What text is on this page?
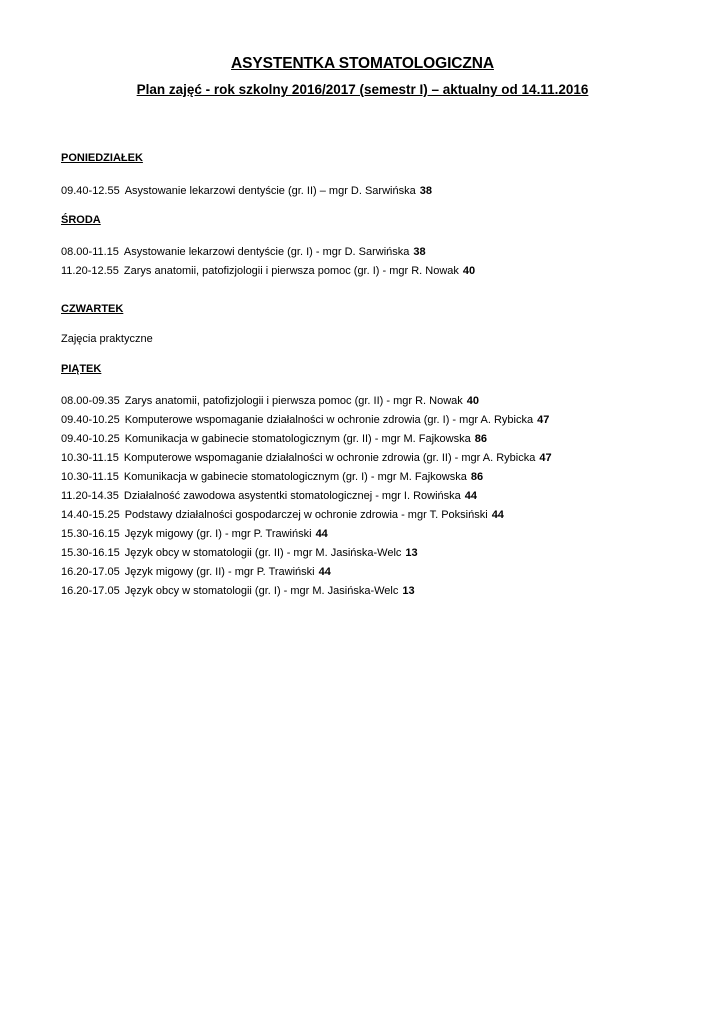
ASYSTENTKA STOMATOLOGICZNA
Plan zajęć - rok szkolny 2016/2017 (semestr I) – aktualny od 14.11.2016
PONIEDZIAŁEK
09.40-12.55 Asystowanie lekarzowi dentyście (gr. II) – mgr D. Sarwińska 38
ŚRODA
08.00-11.15 Asystowanie lekarzowi dentyście (gr. I) - mgr D. Sarwińska 38
11.20-12.55 Zarys anatomii, patofizjologii i pierwsza pomoc (gr. I) - mgr R. Nowak 40
CZWARTEK
Zajęcia praktyczne
PIĄTEK
08.00-09.35 Zarys anatomii, patofizjologii i pierwsza pomoc (gr. II) - mgr R. Nowak 40
09.40-10.25 Komputerowe wspomaganie działalności w ochronie zdrowia (gr. I) - mgr A. Rybicka 47
09.40-10.25 Komunikacja w gabinecie stomatologicznym (gr. II) - mgr M. Fajkowska 86
10.30-11.15 Komputerowe wspomaganie działalności w ochronie zdrowia (gr. II) - mgr A. Rybicka 47
10.30-11.15 Komunikacja w gabinecie stomatologicznym (gr. I) - mgr M. Fajkowska 86
11.20-14.35 Działalność zawodowa asystentki stomatologicznej - mgr I. Rowińska 44
14.40-15.25 Podstawy działalności gospodarczej w ochronie zdrowia - mgr T. Poksiński 44
15.30-16.15 Język migowy (gr. I) - mgr P. Trawiński 44
15.30-16.15 Język obcy w stomatologii (gr. II) - mgr M. Jasińska-Welc 13
16.20-17.05 Język migowy (gr. II) - mgr P. Trawiński 44
16.20-17.05 Język obcy w stomatologii (gr. I) - mgr M. Jasińska-Welc 13
